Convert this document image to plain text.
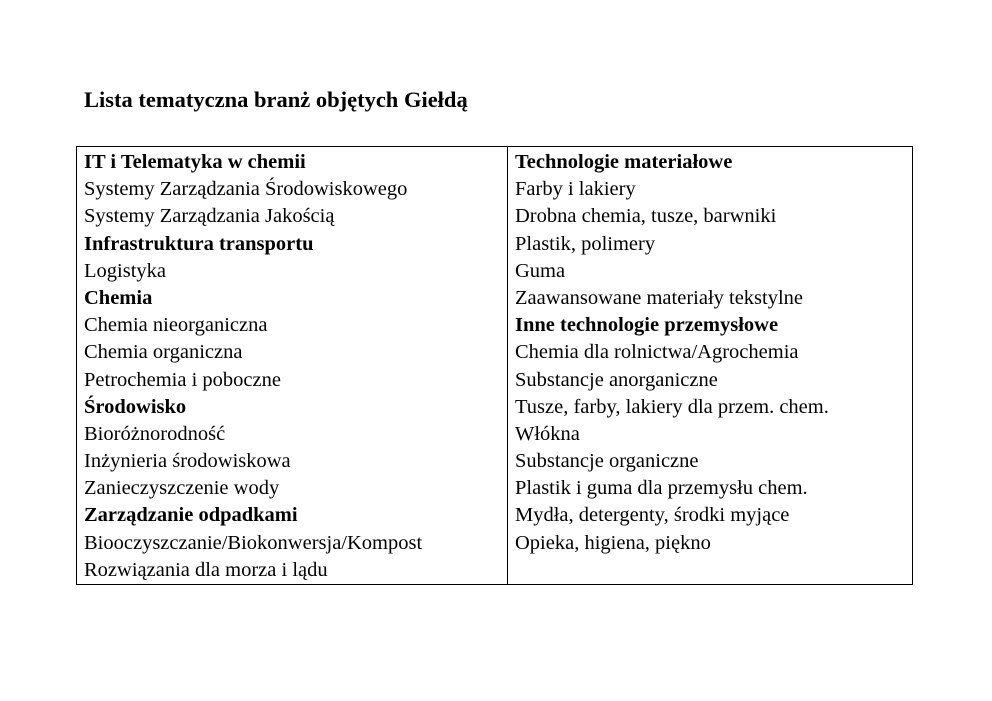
Lista tematyczna branż objętych Giełdą
IT i Telematyka w chemii
Systemy Zarządzania Środowiskowego
Systemy Zarządzania Jakością
Infrastruktura transportu
Logistyka
Chemia
Chemia nieorganiczna
Chemia organiczna
Petrochemia i poboczne
Środowisko
Bioróżnorodność
Inżynieria środowiskowa
Zanieczyszczenie wody
Zarządzanie odpadkami
Biooczyszczanie/Biokonwersja/Kompost
Rozwiązania dla morza i lądu

Technologie materiałowe
Farby i lakiery
Drobna chemia, tusze, barwniki
Plastik, polimery
Guma
Zaawansowane materiały tekstylne
Inne technologie przemysłowe
Chemia dla rolnictwa/Agrochemia
Substancje anorganiczne
Tusze, farby, lakiery dla przem. chem.
Włókna
Substancje organiczne
Plastik i guma dla przemysłu chem.
Mydła, detergenty, środki myjące
Opieka, higiena, piękno
